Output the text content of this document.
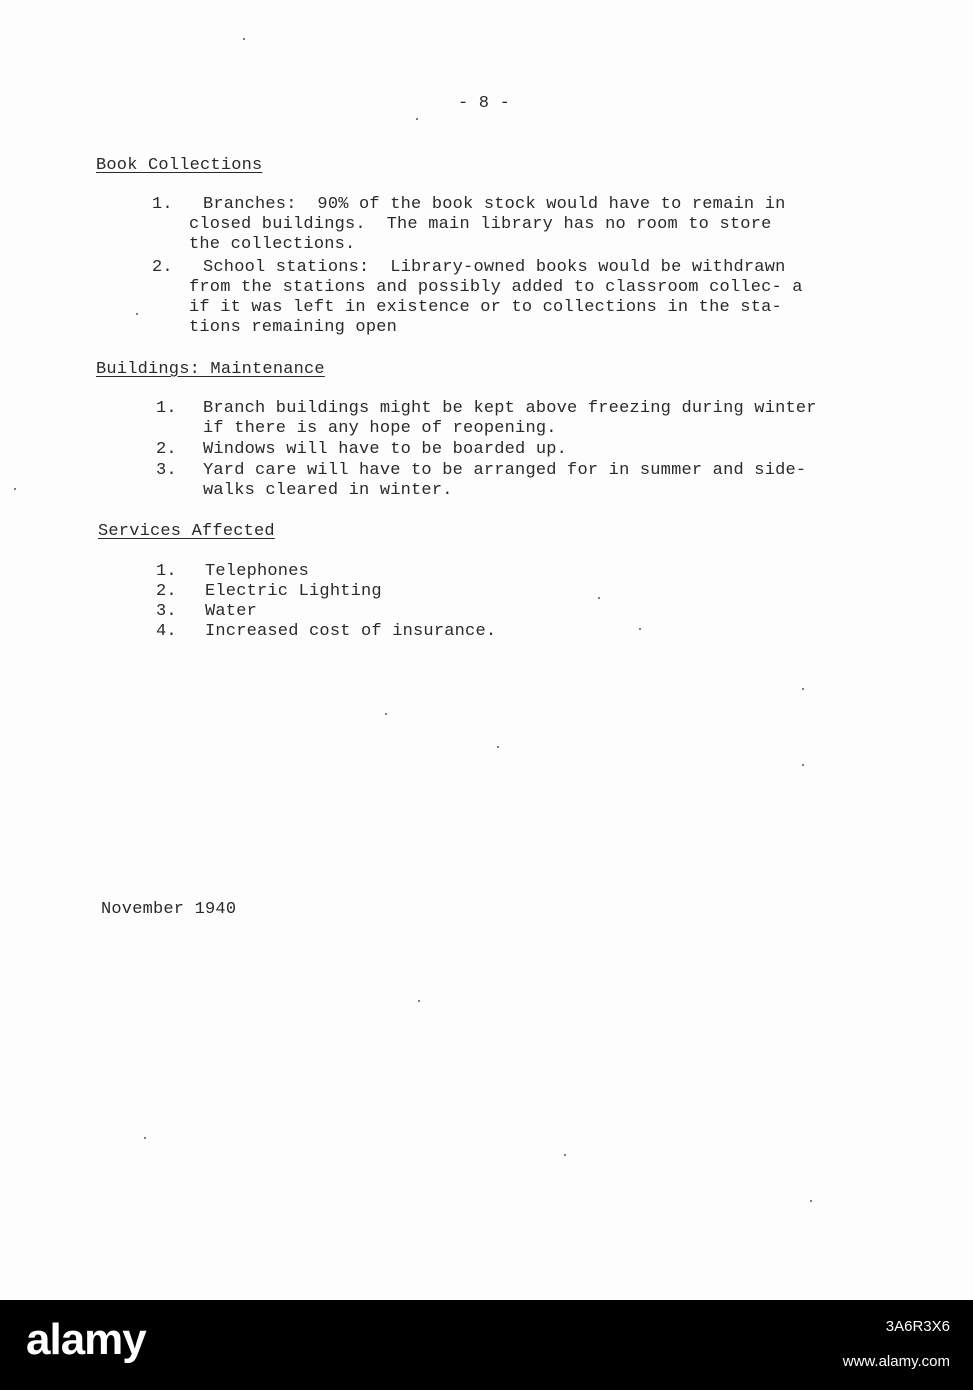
- 8 -
Book Collections
1. Branches:  90% of the book stock would have to remain in
closed buildings.  The main library has no room to store
the collections.
2. School stations:  Library-owned books would be withdrawn
from the stations and possibly added to classroom collec- a
if it was left in existence or to collections in the sta-
tions remaining open
Buildings: Maintenance
1. Branch buildings might be kept above freezing during winter
if there is any hope of reopening.
2. Windows will have to be boarded up.
3. Yard care will have to be arranged for in summer and side-
walks cleared in winter.
Services Affected
1. Telephones
2. Electric Lighting
3. Water
4. Increased cost of insurance.
November 1940
alamy	3A6R3X6
www.alamy.com
